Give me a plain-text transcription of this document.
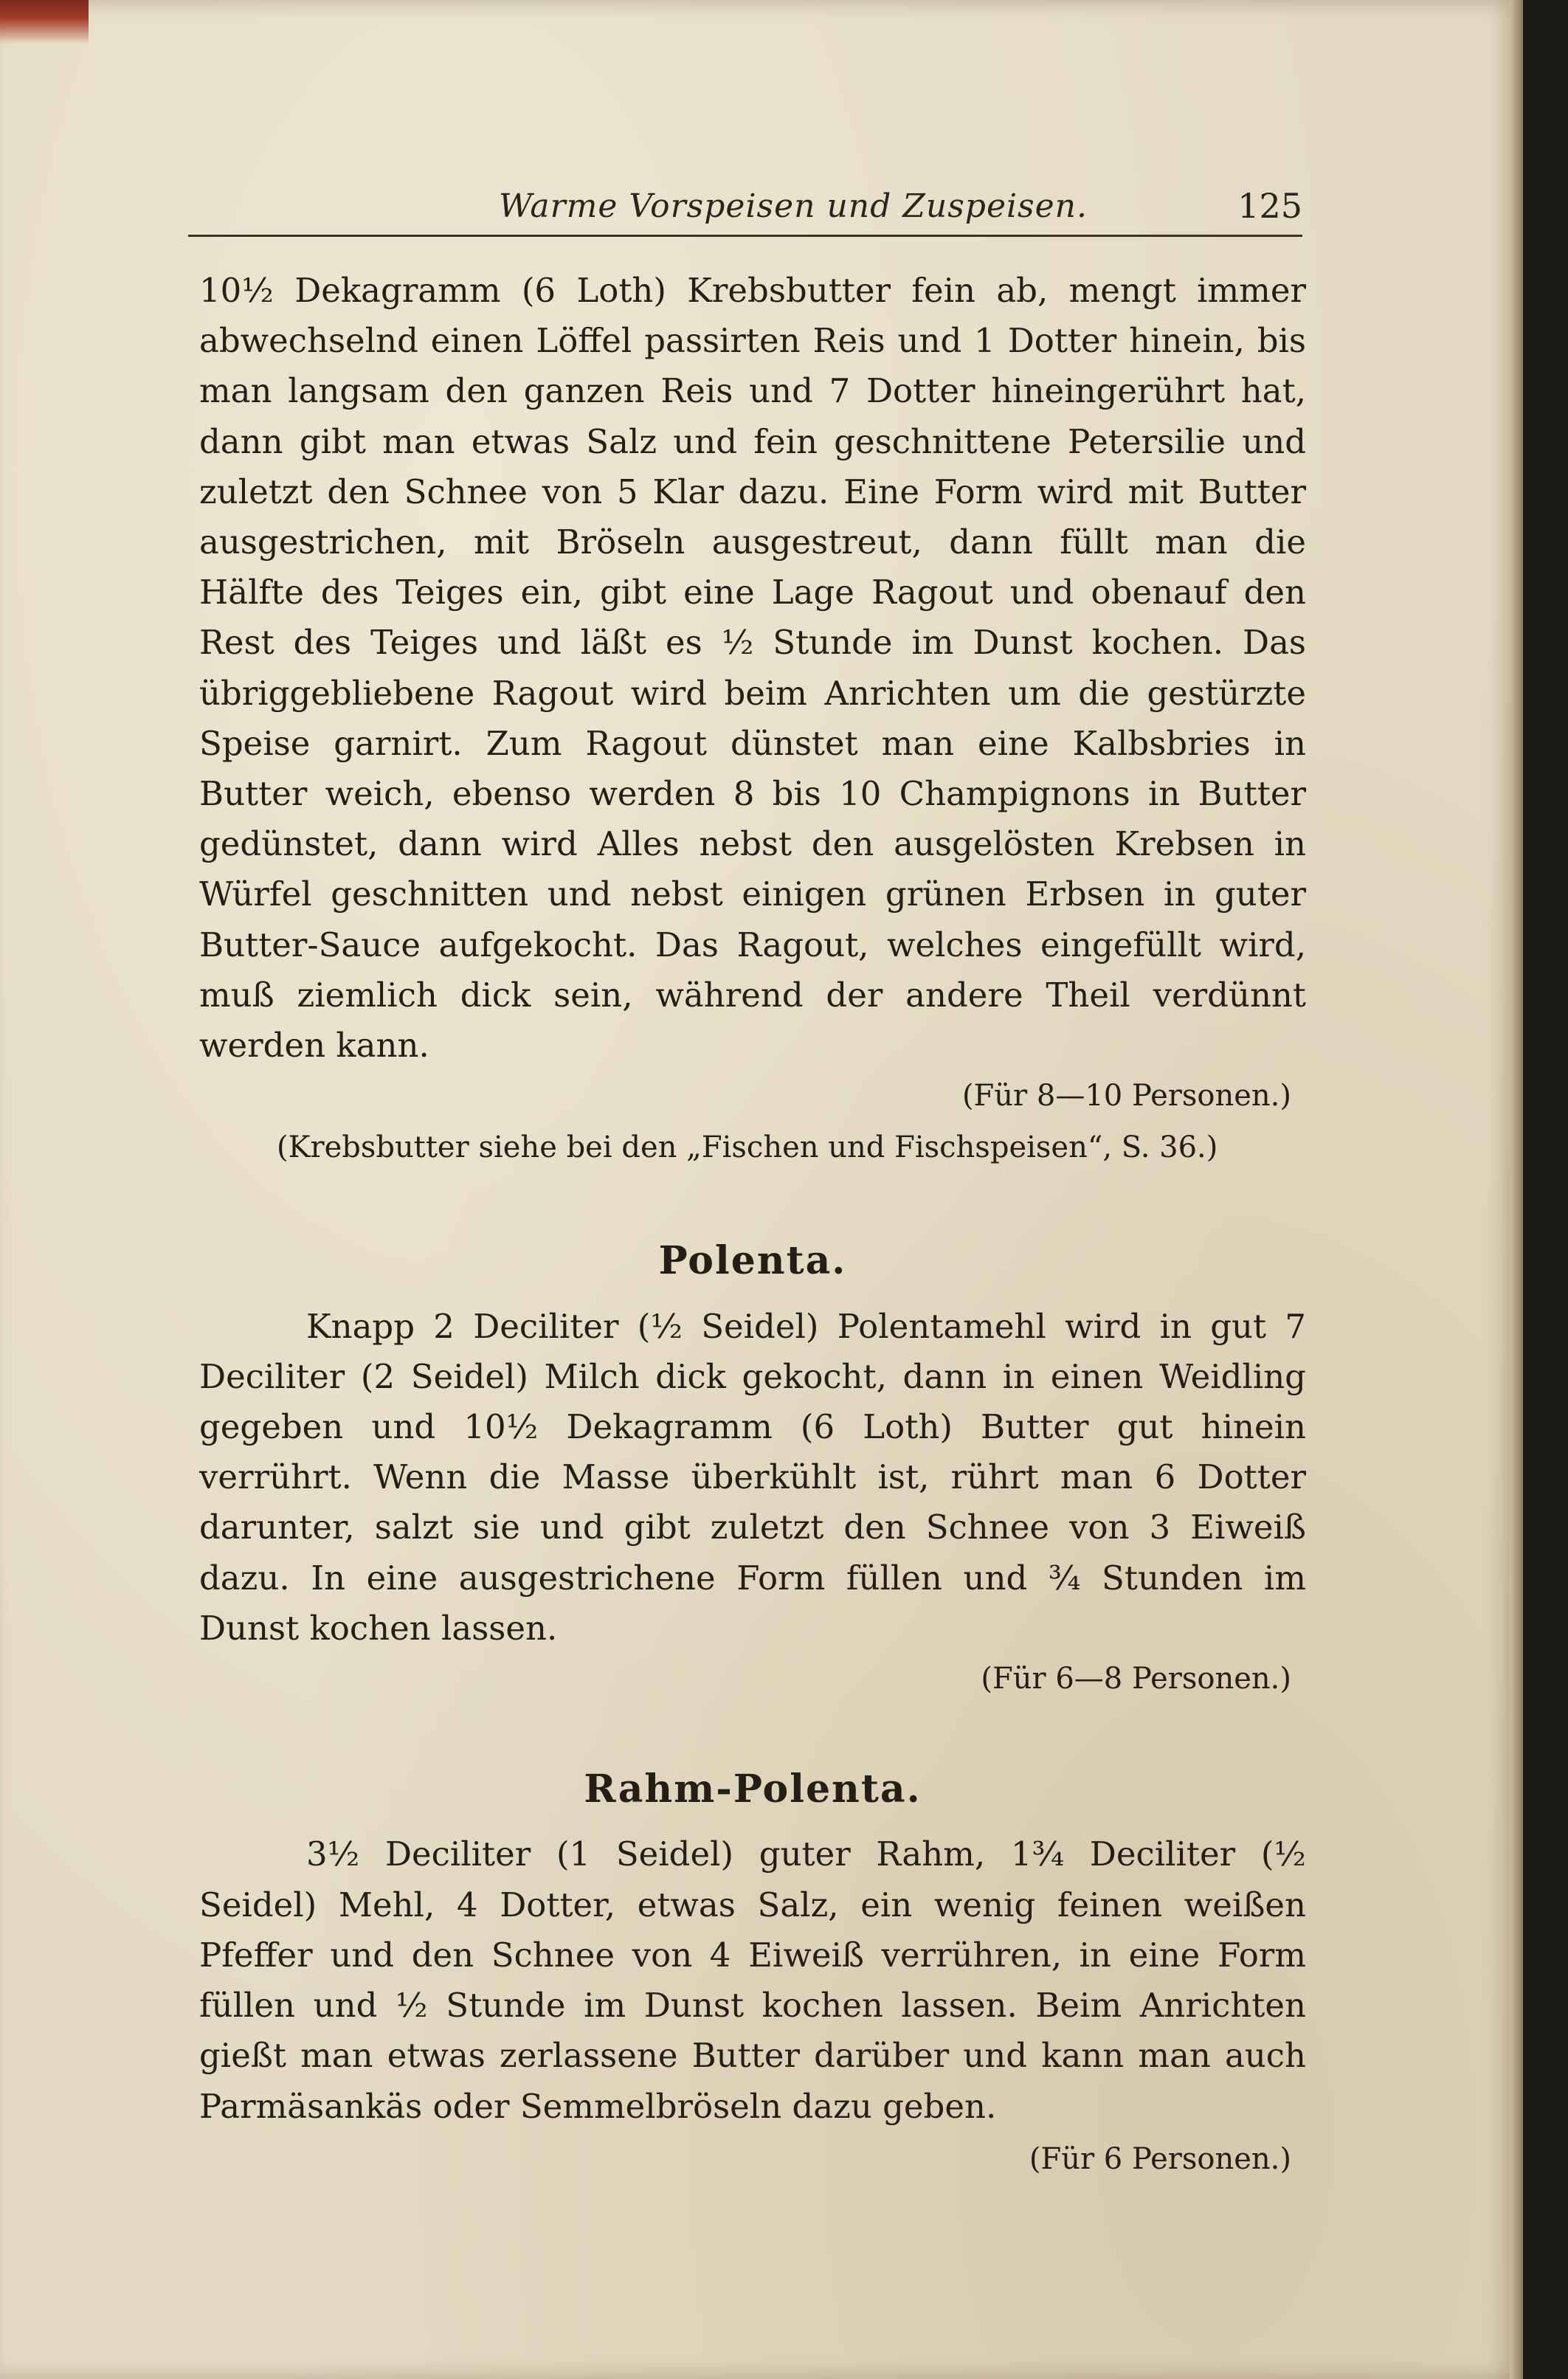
Warme Vorspeisen und Zuspeisen.	125

10½ Dekagramm (6 Loth) Krebsbutter fein ab, mengt immer abwechselnd einen Löffel passirten Reis und 1 Dotter hinein, bis man langsam den ganzen Reis und 7 Dotter hineingerührt hat, dann gibt man etwas Salz und fein geschnittene Petersilie und zuletzt den Schnee von 5 Klar dazu. Eine Form wird mit Butter ausgestrichen, mit Bröseln ausgestreut, dann füllt man die Hälfte des Teiges ein, gibt eine Lage Ragout und obenauf den Rest des Teiges und läßt es ½ Stunde im Dunst kochen. Das übriggebliebene Ragout wird beim Anrichten um die gestürzte Speise garnirt. Zum Ragout dünstet man eine Kalbsbries in Butter weich, ebenso werden 8 bis 10 Champignons in Butter gedünstet, dann wird Alles nebst den ausgelösten Krebsen in Würfel geschnitten und nebst einigen grünen Erbsen in guter Butter-Sauce aufgekocht. Das Ragout, welches eingefüllt wird, muß ziemlich dick sein, während der andere Theil verdünnt werden kann.

(Für 8—10 Personen.)

(Krebsbutter siehe bei den „Fischen und Fischspeisen“, S. 36.)

Polenta.

Knapp 2 Deciliter (½ Seidel) Polentamehl wird in gut 7 Deciliter (2 Seidel) Milch dick gekocht, dann in einen Weidling gegeben und 10½ Dekagramm (6 Loth) Butter gut hinein verrührt. Wenn die Masse überkühlt ist, rührt man 6 Dotter darunter, salzt sie und gibt zuletzt den Schnee von 3 Eiweiß dazu. In eine ausgestrichene Form füllen und ¾ Stunden im Dunst kochen lassen.

(Für 6—8 Personen.)

Rahm-Polenta.

3½ Deciliter (1 Seidel) guter Rahm, 1¾ Deciliter (½ Seidel) Mehl, 4 Dotter, etwas Salz, ein wenig feinen weißen Pfeffer und den Schnee von 4 Eiweiß verrühren, in eine Form füllen und ½ Stunde im Dunst kochen lassen. Beim Anrichten gießt man etwas zerlassene Butter darüber und kann man auch Parmäsankäs oder Semmelbröseln dazu geben.

(Für 6 Personen.)
